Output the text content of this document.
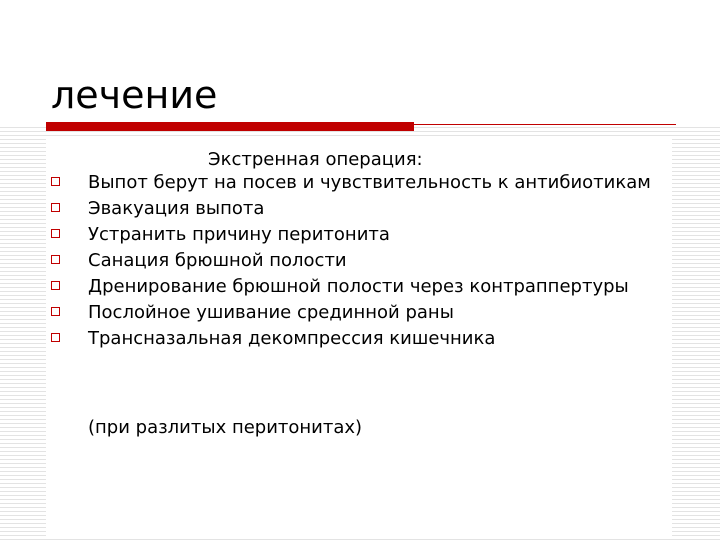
лечение
Экстренная операция:
Выпот берут на посев и чувствительность к антибиотикам
Эвакуация выпота
Устранить причину перитонита
Санация брюшной полости
Дренирование брюшной полости через контраппертуры
Послойное ушивание срединной раны
Трансназальная декомпрессия кишечника
(при разлитых перитонитах)
